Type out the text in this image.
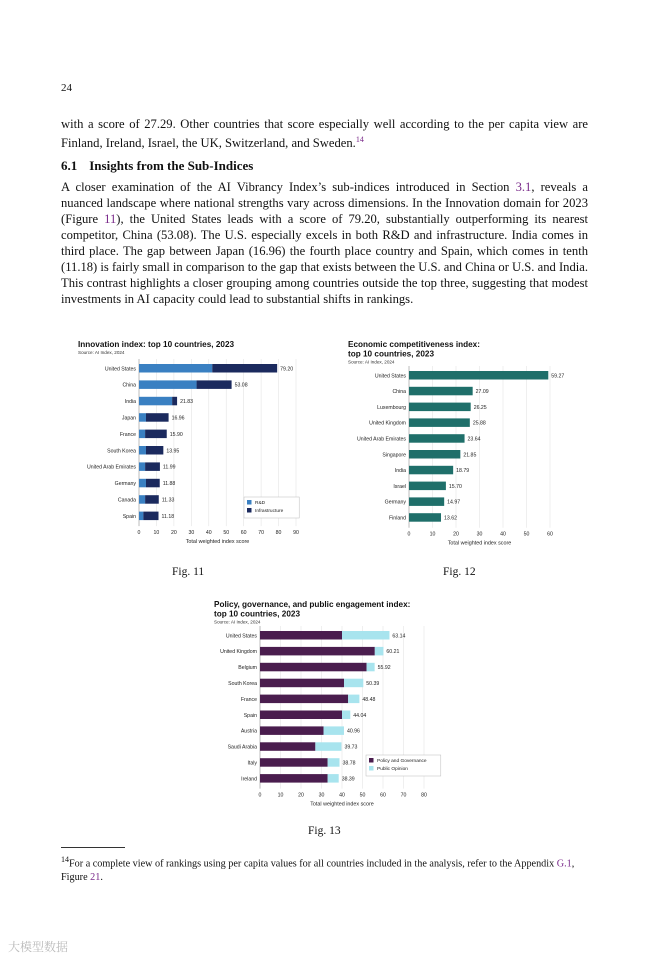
24

with a score of 27.29. Other countries that score especially well according to the per capita view are Finland, Ireland, Israel, the UK, Switzerland, and Sweden.$^{14}$

6.1 Insights from the Sub-Indices

A closer examination of the AI Vibrancy Index’s sub-indices introduced in Section 3.1, reveals a nuanced landscape where national strengths vary across dimensions. In the Innovation domain for 2023 (Figure 11), the United States leads with a score of 79.20, substantially outperforming its nearest competitor, China (53.08). The U.S. especially excels in both R&D and infrastructure. India comes in third place. The gap between Japan (16.96) the fourth place country and Spain, which comes in tenth (11.18) is fairly small in comparison to the gap that exists between the U.S. and China or U.S. and India. This contrast highlights a closer grouping among countries outside the top three, suggesting that modest investments in AI capacity could lead to substantial shifts in rankings.

Innovation index: top 10 countries, 2023
Source: AI Index, 2024
0	10 20 30 40 50 60 70 80 90
Total weighted index score
United States	79.20
China	53.08
India	21.83
Japan	16.96
France	15.90
South Korea	13.95
United Arab Emirates	11.99
Germany	11.88
Canada	11.33
Spain	11.18
R&D
Infrastructure
Economic competitiveness index:
top 10 countries, 2023
Source: AI Index, 2024
0	10	20	30	40	50	60
Total weighted index score
United States	59.27
China	27.09
Luxembourg	26.25
United Kingdom	25.88
United Arab Emirates	23.64
Singapore	21.85
India	18.79
Israel	15.70
Germany	14.97
Finland	13.62
Policy, governance, and public engagement index:
top 10 countries, 2023
Source: AI Index, 2024
0	10	20	30	40	50	60	70	80
Total weighted index score
United States	63.14
United Kingdom	60.21
Belgium	55.92
South Korea	50.39
France	48.48
Spain	44.04
Austria	40.96
Saudi Arabia	39.73
Italy	38.78
Ireland	38.39
Policy and Governance
Public Opinion
Fig. 11	Fig. 12
Fig. 13
$^{14}$For a complete view of rankings using per capita values for all countries included in the analysis, refer to the Appendix G.1, Figure 21.
大模型数据
